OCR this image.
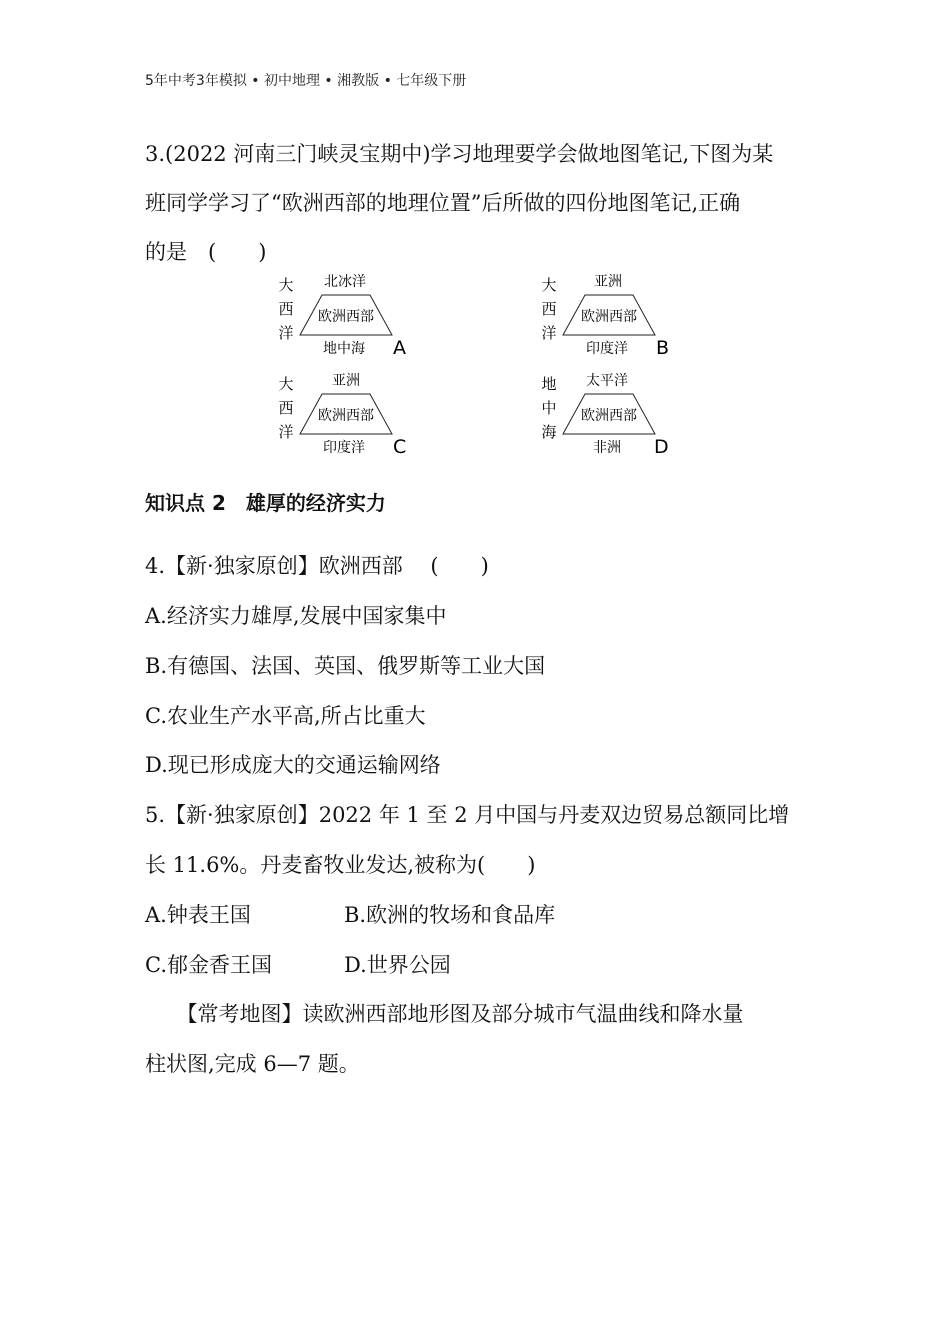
5年中考3年模拟 • 初中地理 • 湘教版 • 七年级下册
3.(2022 河南三门峡灵宝期中)学习地理要学会做地图笔记,下图为某
班同学学习了“欧洲西部的地理位置”后所做的四份地图笔记,正确
的是　(　　)
大
西
洋
北冰洋
欧洲西部
地中海 A
大
西
洋
亚洲
欧洲西部
印度洋 B
大
西
洋
亚洲
欧洲西部
印度洋 C
地
中
海
太平洋
欧洲西部
非洲 D
知识点 2　雄厚的经济实力
4.【新·独家原创】欧洲西部　 (　　)
A.经济实力雄厚,发展中国家集中
B.有德国、法国、英国、俄罗斯等工业大国
C.农业生产水平高,所占比重大
D.现已形成庞大的交通运输网络
5.【新·独家原创】2022 年 1 至 2 月中国与丹麦双边贸易总额同比增
长 11.6%。丹麦畜牧业发达,被称为(　　)
A.钟表王国	B.欧洲的牧场和食品库
C.郁金香王国	D.世界公园
　　【常考地图】读欧洲西部地形图及部分城市气温曲线和降水量
柱状图,完成 6—7 题。
